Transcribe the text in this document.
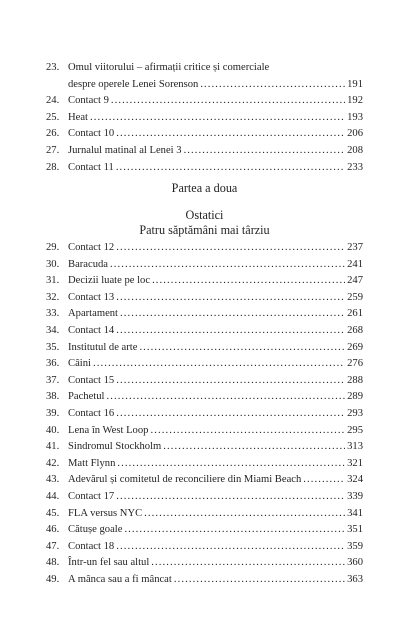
23. Omul viitorului – afirmații critice și comerciale
despre operele Lenei Sorenson .....	191
24. Contact 9 .....	192
25. Heat .....	193
26. Contact 10 .....	206
27. Jurnalul matinal al Lenei 3 .....	208
28. Contact 11 .....	233
Partea a doua
Ostatici
Patru săptămâni mai târziu
29. Contact 12 .....	237
30. Baracuda .....	241
31. Decizii luate pe loc .....	247
32. Contact 13 .....	259
33. Apartament .....	261
34. Contact 14 .....	268
35. Institutul de arte .....	269
36. Câini .....	276
37. Contact 15 .....	288
38. Pachetul .....	289
39. Contact 16 .....	293
40. Lena în West Loop .....	295
41. Sindromul Stockholm .....	313
42. Matt Flynn .....	321
43. Adevărul și comitetul de reconciliere din Miami Beach .....	324
44. Contact 17 .....	339
45. FLA versus NYC .....	341
46. Cătușe goale .....	351
47. Contact 18 .....	359
48. Într-un fel sau altul .....	360
49. A mânca sau a fi mâncat .....	363
